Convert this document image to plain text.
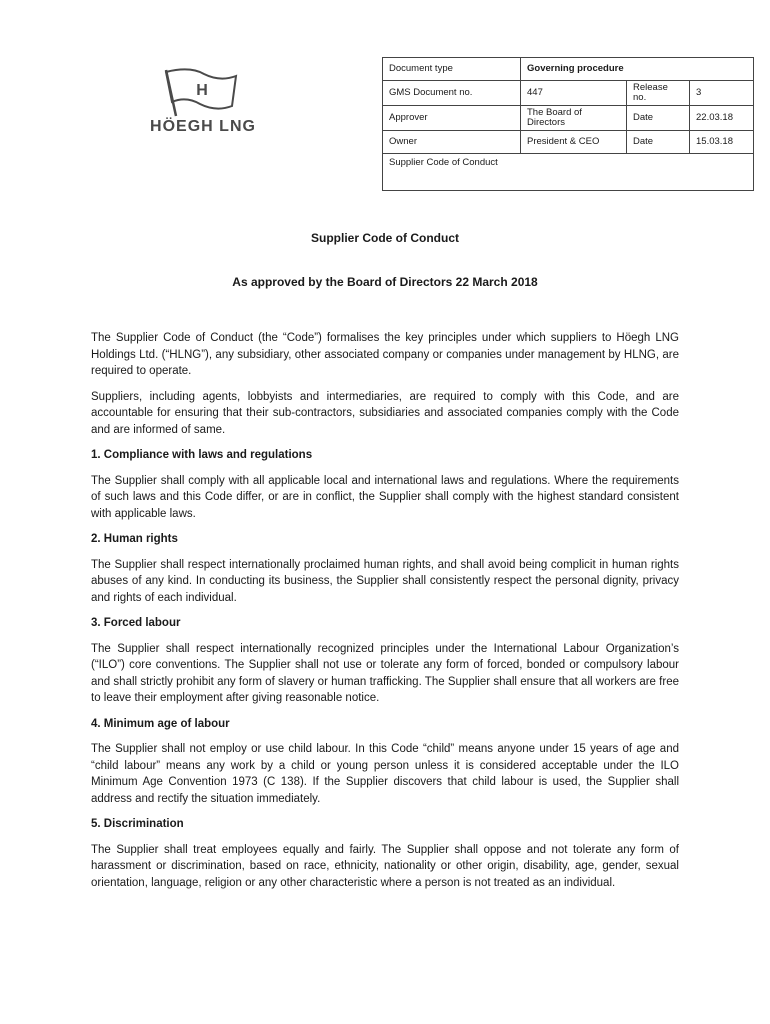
H
HÖEGH LNG
Document type	Governing procedure		
GMS Document no.	447	Release no.	3
Approver	The Board of Directors	Date	22.03.18
Owner	President & CEO	Date	15.03.18
Supplier Code of Conduct			
Supplier Code of Conduct
As approved by the Board of Directors 22 March 2018

The Supplier Code of Conduct (the “Code”) formalises the key principles under which suppliers to Höegh LNG Holdings Ltd. (“HLNG”), any subsidiary, other associated company or companies under management by HLNG, are required to operate.

Suppliers, including agents, lobbyists and intermediaries, are required to comply with this Code, and are accountable for ensuring that their sub-contractors, subsidiaries and associated companies comply with the Code and are informed of same.

1. Compliance with laws and regulations

The Supplier shall comply with all applicable local and international laws and regulations. Where the requirements of such laws and this Code differ, or are in conflict, the Supplier shall comply with the highest standard consistent with applicable laws.

2. Human rights

The Supplier shall respect internationally proclaimed human rights, and shall avoid being complicit in human rights abuses of any kind. In conducting its business, the Supplier shall consistently respect the personal dignity, privacy and rights of each individual.

3. Forced labour

The Supplier shall respect internationally recognized principles under the International Labour Organization’s (“ILO”) core conventions. The Supplier shall not use or tolerate any form of forced, bonded or compulsory labour and shall strictly prohibit any form of slavery or human trafficking. The Supplier shall ensure that all workers are free to leave their employment after giving reasonable notice.

4. Minimum age of labour

The Supplier shall not employ or use child labour. In this Code “child” means anyone under 15 years of age and “child labour” means any work by a child or young person unless it is considered acceptable under the ILO Minimum Age Convention 1973 (C 138). If the Supplier discovers that child labour is used, the Supplier shall address and rectify the situation immediately.

5. Discrimination

The Supplier shall treat employees equally and fairly. The Supplier shall oppose and not tolerate any form of harassment or discrimination, based on race, ethnicity, nationality or other origin, disability, age, gender, sexual orientation, language, religion or any other characteristic where a person is not treated as an individual.
